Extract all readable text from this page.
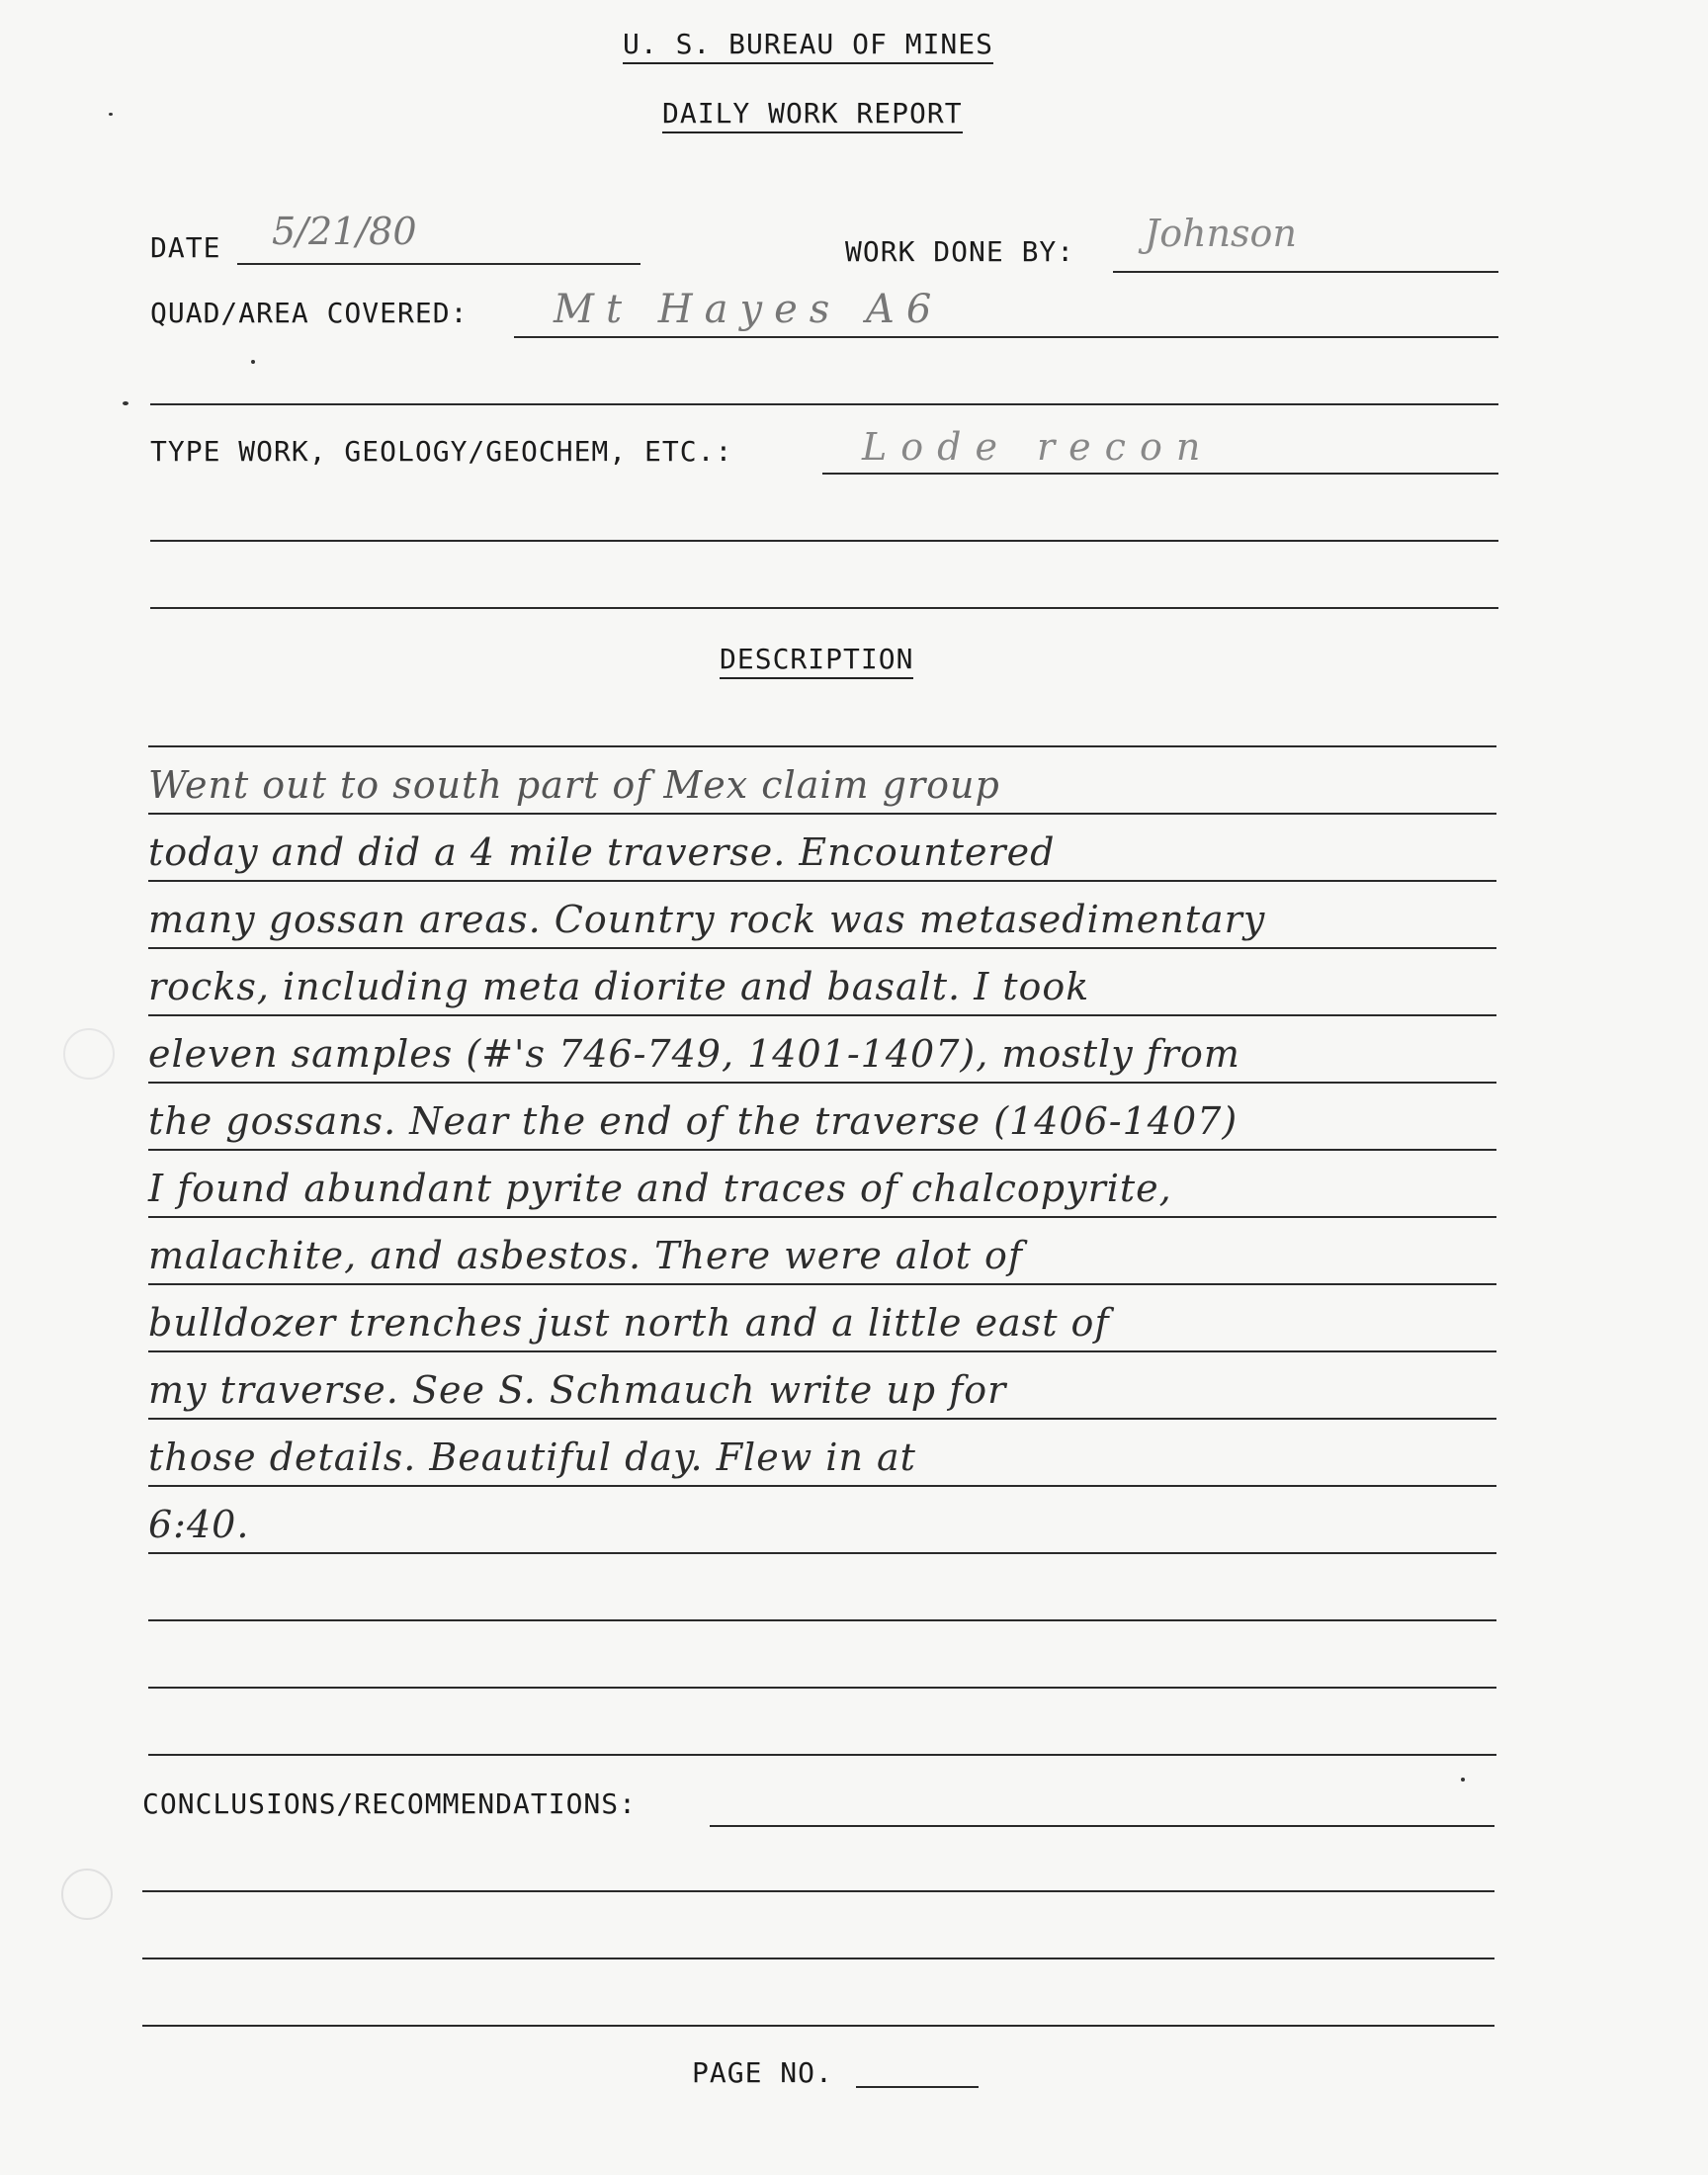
U. S. BUREAU OF MINES
DAILY WORK REPORT
DATE 5/21/80	WORK DONE BY: Johnson
QUAD/AREA COVERED: Mt Hayes A6
TYPE WORK, GEOLOGY/GEOCHEM, ETC.:	Lode recon
DESCRIPTION
Went out to south part of Mex claim group
today and did a 4 mile traverse. Encountered
many gossan areas. Country rock was metasedimentary
rocks, including meta diorite and basalt. I took
eleven samples (#'s 746-749, 1401-1407), mostly from
the gossans. Near the end of the traverse (1406-1407)
I found abundant pyrite and traces of chalcopyrite,
malachite, and asbestos. There were alot of
bulldozer trenches just north and a little east of
my traverse. See S. Schmauch write up for
those details. Beautiful day. Flew in at
6:40.
CONCLUSIONS/RECOMMENDATIONS:
PAGE NO.
